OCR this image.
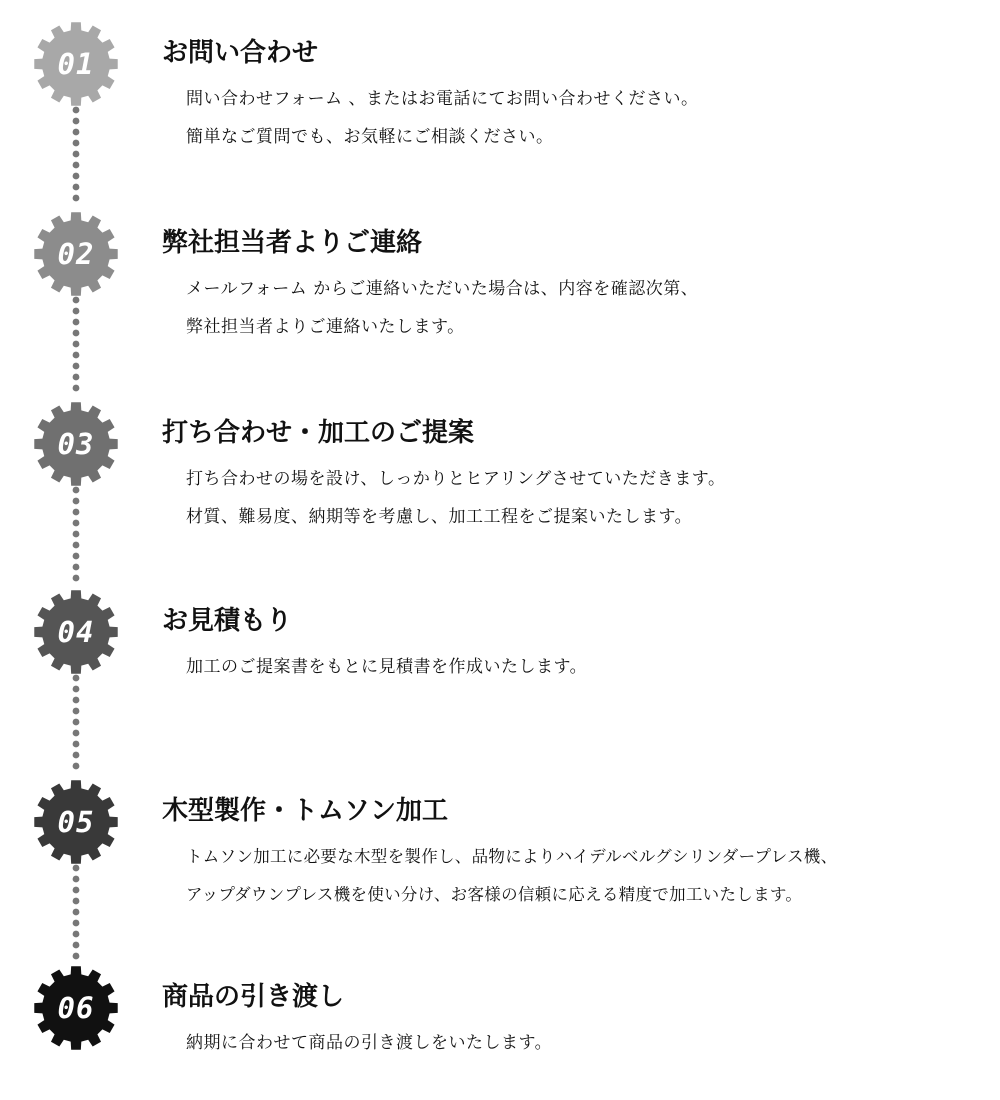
01	お問い合わせ
問い合わせフォーム 、またはお電話にてお問い合わせください。
簡単なご質問でも、お気軽にご相談ください。
02	弊社担当者よりご連絡
メールフォーム からご連絡いただいた場合は、内容を確認次第、
弊社担当者よりご連絡いたします。
03	打ち合わせ・加工のご提案
打ち合わせの場を設け、しっかりとヒアリングさせていただきます。
材質、難易度、納期等を考慮し、加工工程をご提案いたします。
04	お見積もり
加工のご提案書をもとに見積書を作成いたします。
05	木型製作・トムソン加工
トムソン加工に必要な木型を製作し、品物によりハイデルベルグシリンダープレス機、
アップダウンプレス機を使い分け、お客様の信頼に応える精度で加工いたします。
06	商品の引き渡し
納期に合わせて商品の引き渡しをいたします。
